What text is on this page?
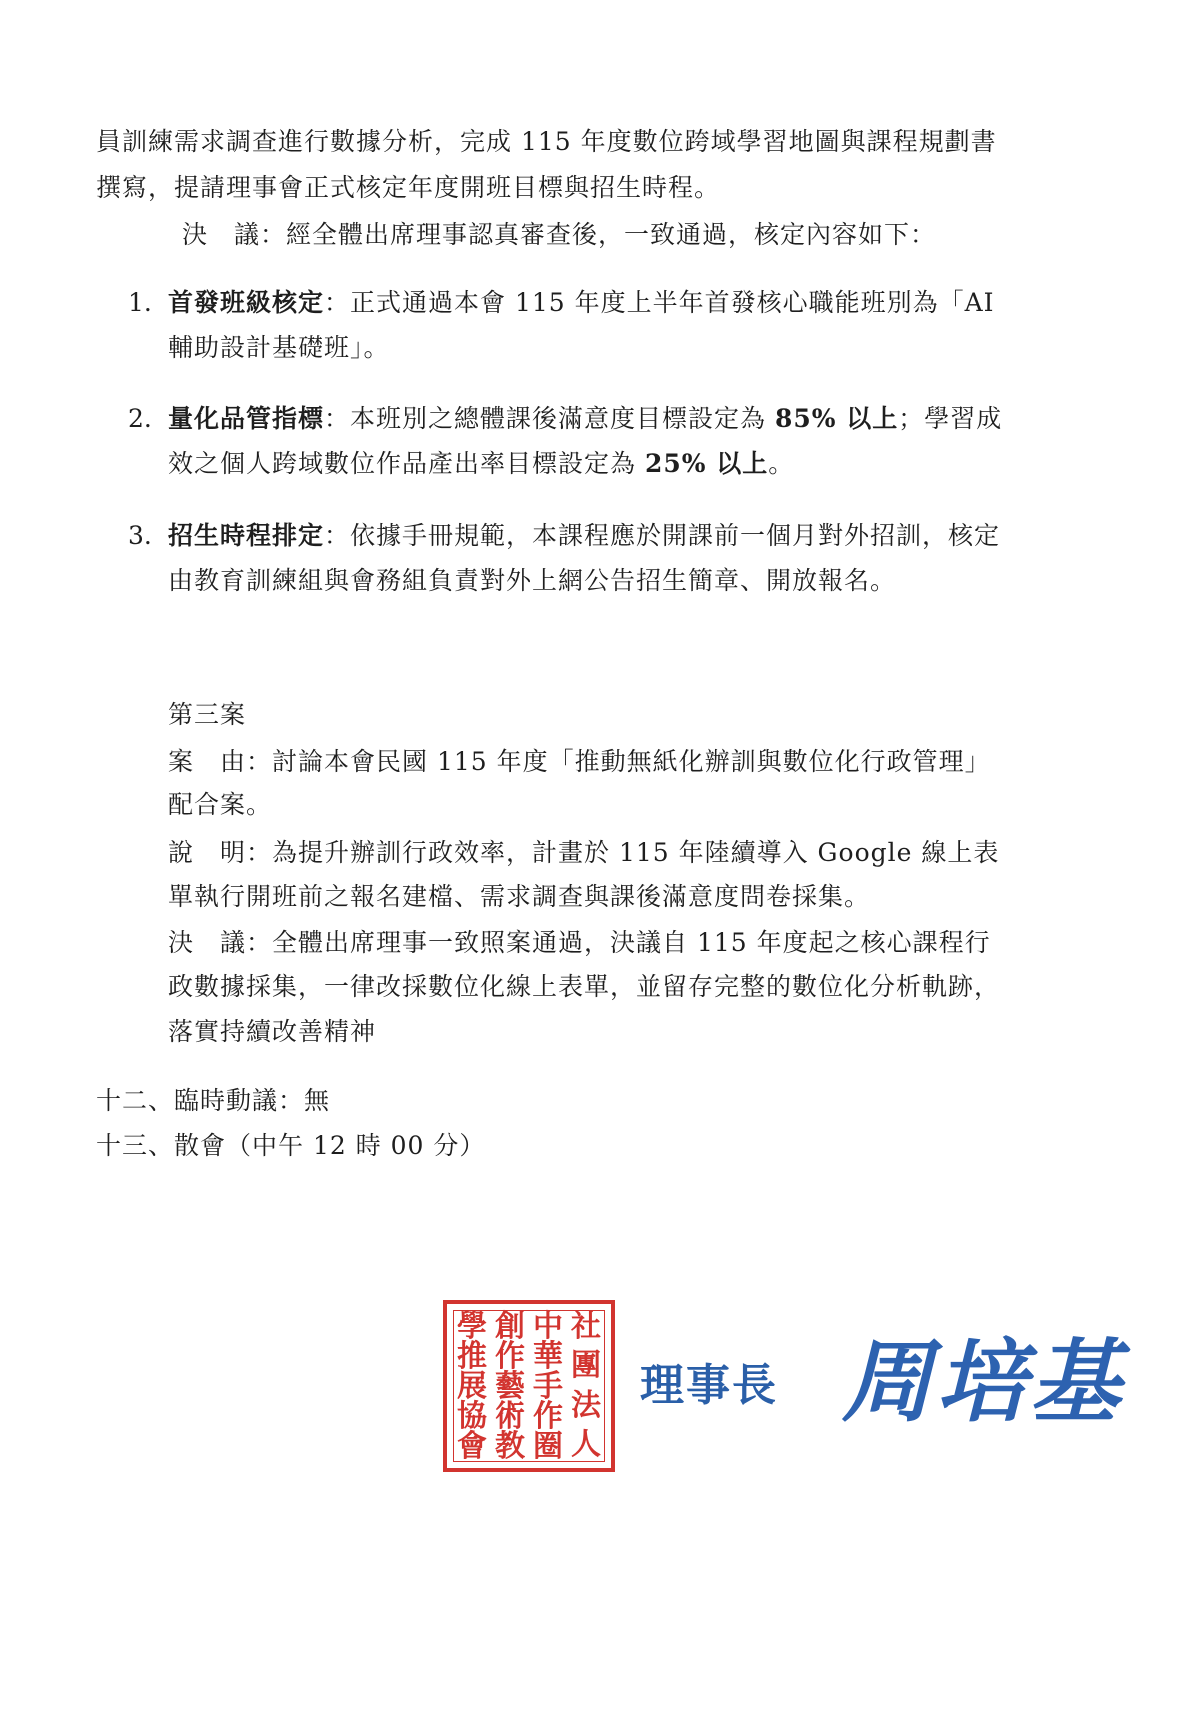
員訓練需求調查進行數據分析，完成 115 年度數位跨域學習地圖與課程規劃書
撰寫，提請理事會正式核定年度開班目標與招生時程。
決　議：經全體出席理事認真審查後，一致通過，核定內容如下：
1. 首發班級核定：正式通過本會 115 年度上半年首發核心職能班別為「AI
輔助設計基礎班」。
2. 量化品管指標：本班別之總體課後滿意度目標設定為 85% 以上；學習成
效之個人跨域數位作品產出率目標設定為 25% 以上。
3. 招生時程排定：依據手冊規範，本課程應於開課前一個月對外招訓，核定
由教育訓練組與會務組負責對外上網公告招生簡章、開放報名。
第三案
案　由：討論本會民國 115 年度「推動無紙化辦訓與數位化行政管理」
配合案。
說　明：為提升辦訓行政效率，計畫於 115 年陸續導入 Google 線上表
單執行開班前之報名建檔、需求調查與課後滿意度問卷採集。
決　議：全體出席理事一致照案通過，決議自 115 年度起之核心課程行
政數據採集，一律改採數位化線上表單，並留存完整的數位化分析軌跡，
落實持續改善精神
十二、臨時動議：無
十三、散會（中午 12 時 00 分）
社
團
法
人
中
華
手
作
圈
創
作
藝
術
教
學
推
展
協
會
理事長 周培基
